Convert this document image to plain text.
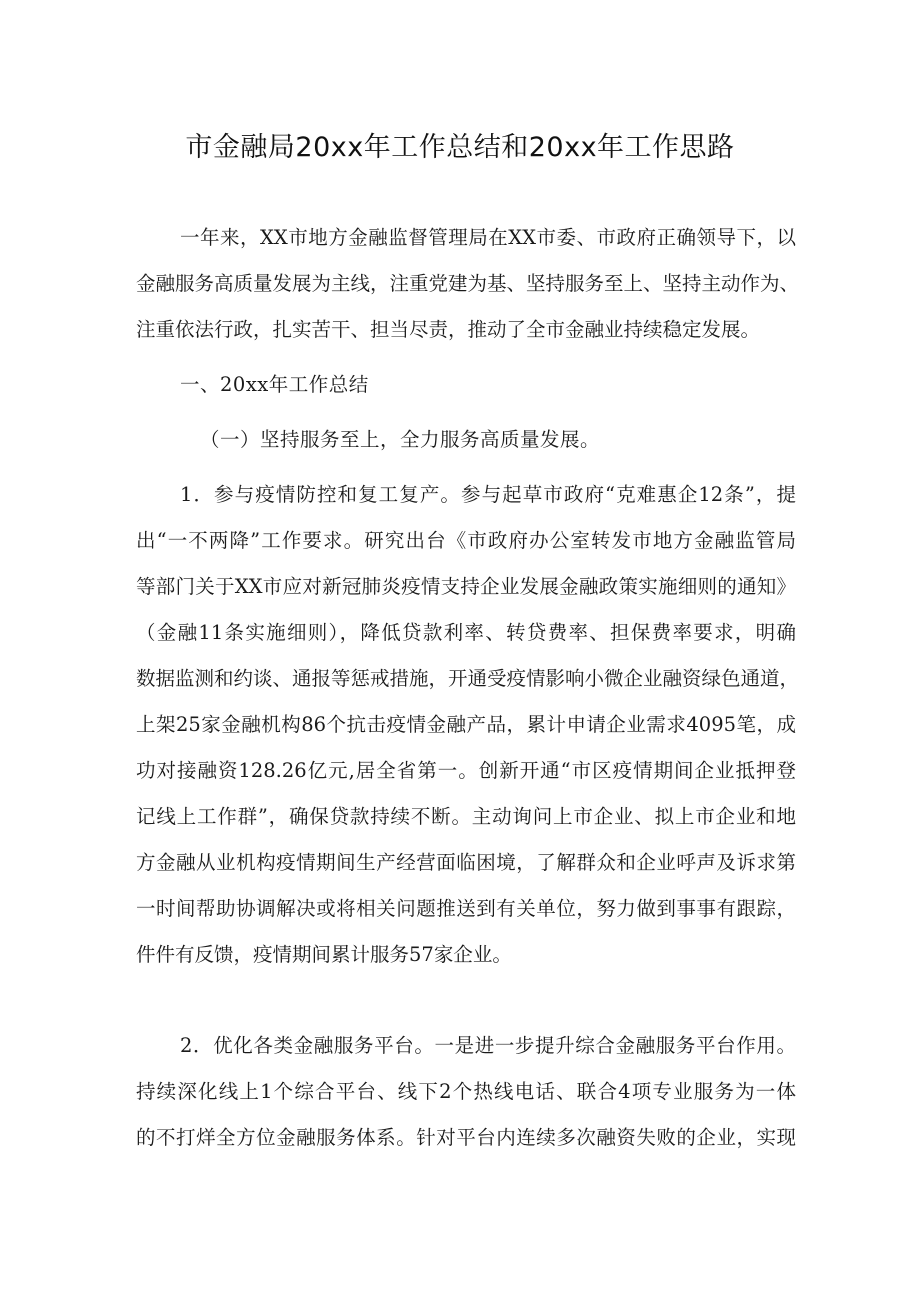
市金融局20xx年工作总结和20xx年工作思路
一年来，XX市地方金融监督管理局在XX市委、市政府正确领导下，以
金融服务高质量发展为主线，注重党建为基、坚持服务至上、坚持主动作为、
注重依法行政，扎实苦干、担当尽责，推动了全市金融业持续稳定发展。
一、20xx年工作总结
（一）坚持服务至上，全力服务高质量发展。
1．参与疫情防控和复工复产。参与起草市政府“克难惠企12条”，提
出“一不两降”工作要求。研究出台《市政府办公室转发市地方金融监管局
等部门关于XX市应对新冠肺炎疫情支持企业发展金融政策实施细则的通知》
（金融11条实施细则），降低贷款利率、转贷费率、担保费率要求，明确
数据监测和约谈、通报等惩戒措施，开通受疫情影响小微企业融资绿色通道，
上架25家金融机构86个抗击疫情金融产品，累计申请企业需求4095笔，成
功对接融资128.26亿元,居全省第一。创新开通“市区疫情期间企业抵押登
记线上工作群”，确保贷款持续不断。主动询问上市企业、拟上市企业和地
方金融从业机构疫情期间生产经营面临困境，了解群众和企业呼声及诉求第
一时间帮助协调解决或将相关问题推送到有关单位，努力做到事事有跟踪，
件件有反馈，疫情期间累计服务57家企业。
2．优化各类金融服务平台。一是进一步提升综合金融服务平台作用。
持续深化线上1个综合平台、线下2个热线电话、联合4项专业服务为一体
的不打烊全方位金融服务体系。针对平台内连续多次融资失败的企业，实现
